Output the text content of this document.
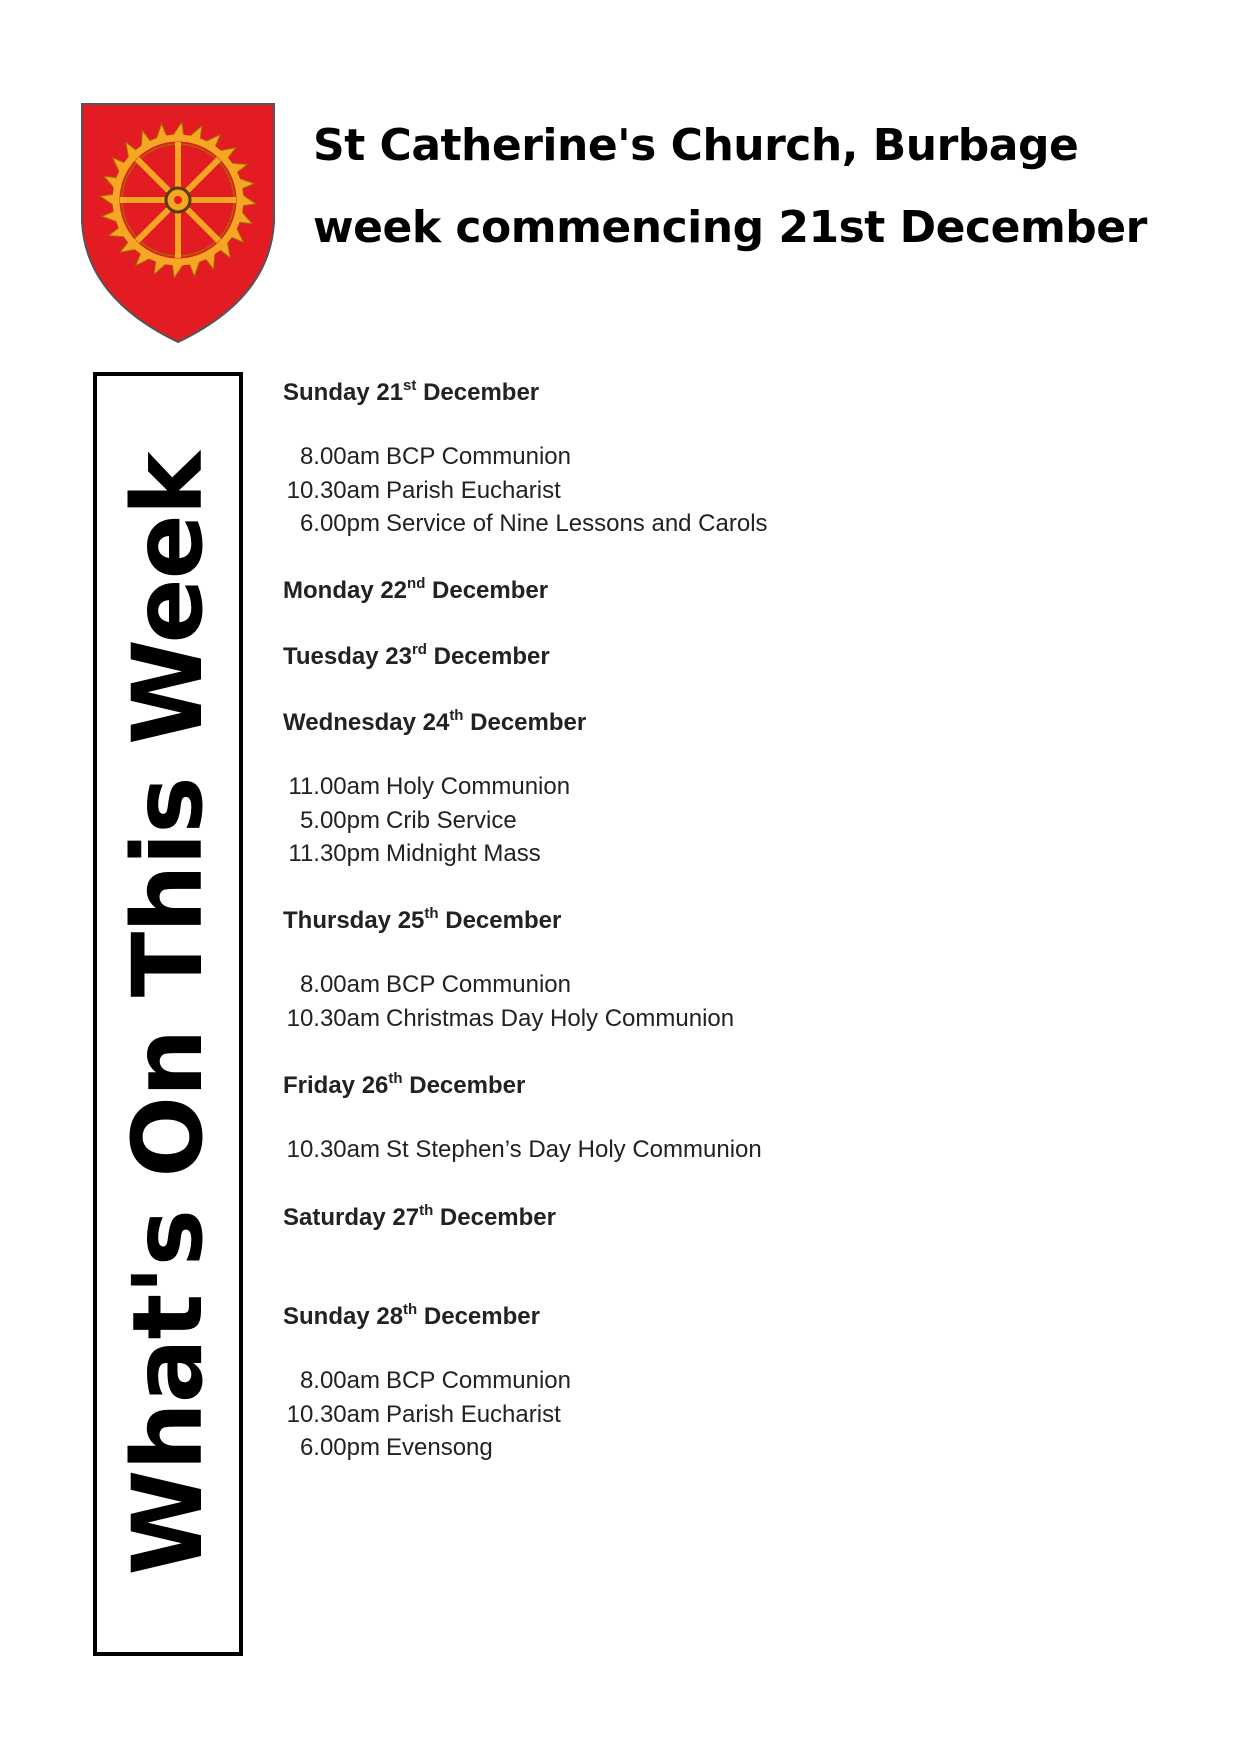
St Catherine's Church, Burbage
week commencing 21st December
What's On This Week

Sunday 21st December

8.00am BCP Communion
10.30am Parish Eucharist
6.00pm Service of Nine Lessons and Carols

Monday 22nd December

Tuesday 23rd December

Wednesday 24th December

11.00am Holy Communion
5.00pm Crib Service
11.30pm Midnight Mass

Thursday 25th December

8.00am BCP Communion
10.30am Christmas Day Holy Communion

Friday 26th December

10.30am St Stephen’s Day Holy Communion

Saturday 27th December

Sunday 28th December

8.00am BCP Communion
10.30am Parish Eucharist
6.00pm Evensong
